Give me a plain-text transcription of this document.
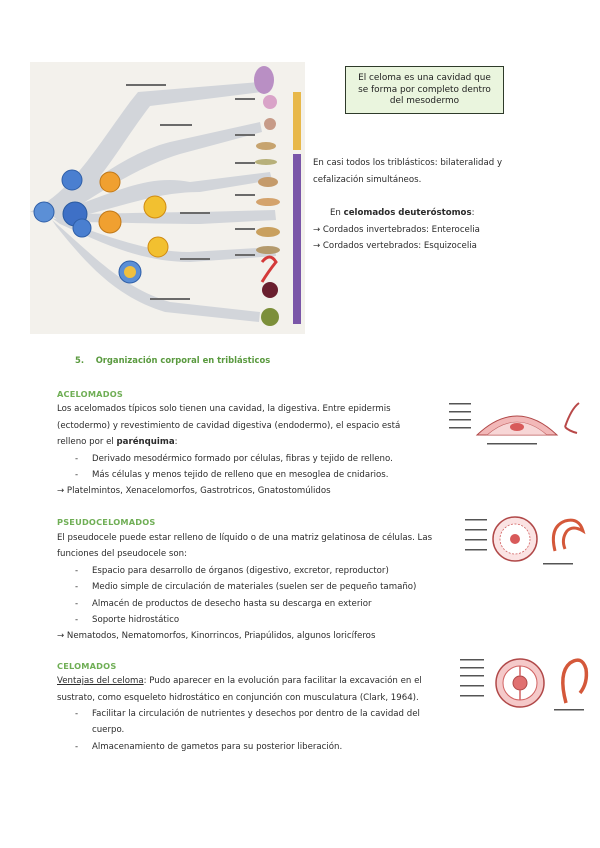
El celoma es una cavidad que
se forma por completo dentro
del mesodermo
En casi todos los triblásticos: bilateralidad y
cefalización simultáneos.
En celomados deuteróstomos:
→ Cordados invertebrados: Enterocelia
→ Cordados vertebrados: Esquizocelia
5. Organización corporal en triblásticos
ACELOMADOS
Los acelomados típicos solo tienen una cavidad, la digestiva. Entre epidermis
(ectodermo) y revestimiento de cavidad digestiva (endodermo), el espacio está
relleno por el parénquima:
- Derivado mesodérmico formado por células, fibras y tejido de relleno.
- Más células y menos tejido de relleno que en mesoglea de cnidarios.
→ Platelmintos, Xenacelomorfos, Gastrotricos, Gnatostomúlidos
PSEUDOCELOMADOS
El pseudocele puede estar relleno de líquido o de una matriz gelatinosa de células. Las
funciones del pseudocele son:
- Espacio para desarrollo de órganos (digestivo, excretor, reproductor)
- Medio simple de circulación de materiales (suelen ser de pequeño tamaño)
- Almacén de productos de desecho hasta su descarga en exterior
- Soporte hidrostático
→ Nematodos, Nematomorfos, Kinorrincos, Priapúlidos, algunos loricíferos
CELOMADOS
Ventajas del celoma: Pudo aparecer en la evolución para facilitar la excavación en el
sustrato, como esqueleto hidrostático en conjunción con musculatura (Clark, 1964).
- Facilitar la circulación de nutrientes y desechos por dentro de la cavidad del
cuerpo.
- Almacenamiento de gametos para su posterior liberación.
